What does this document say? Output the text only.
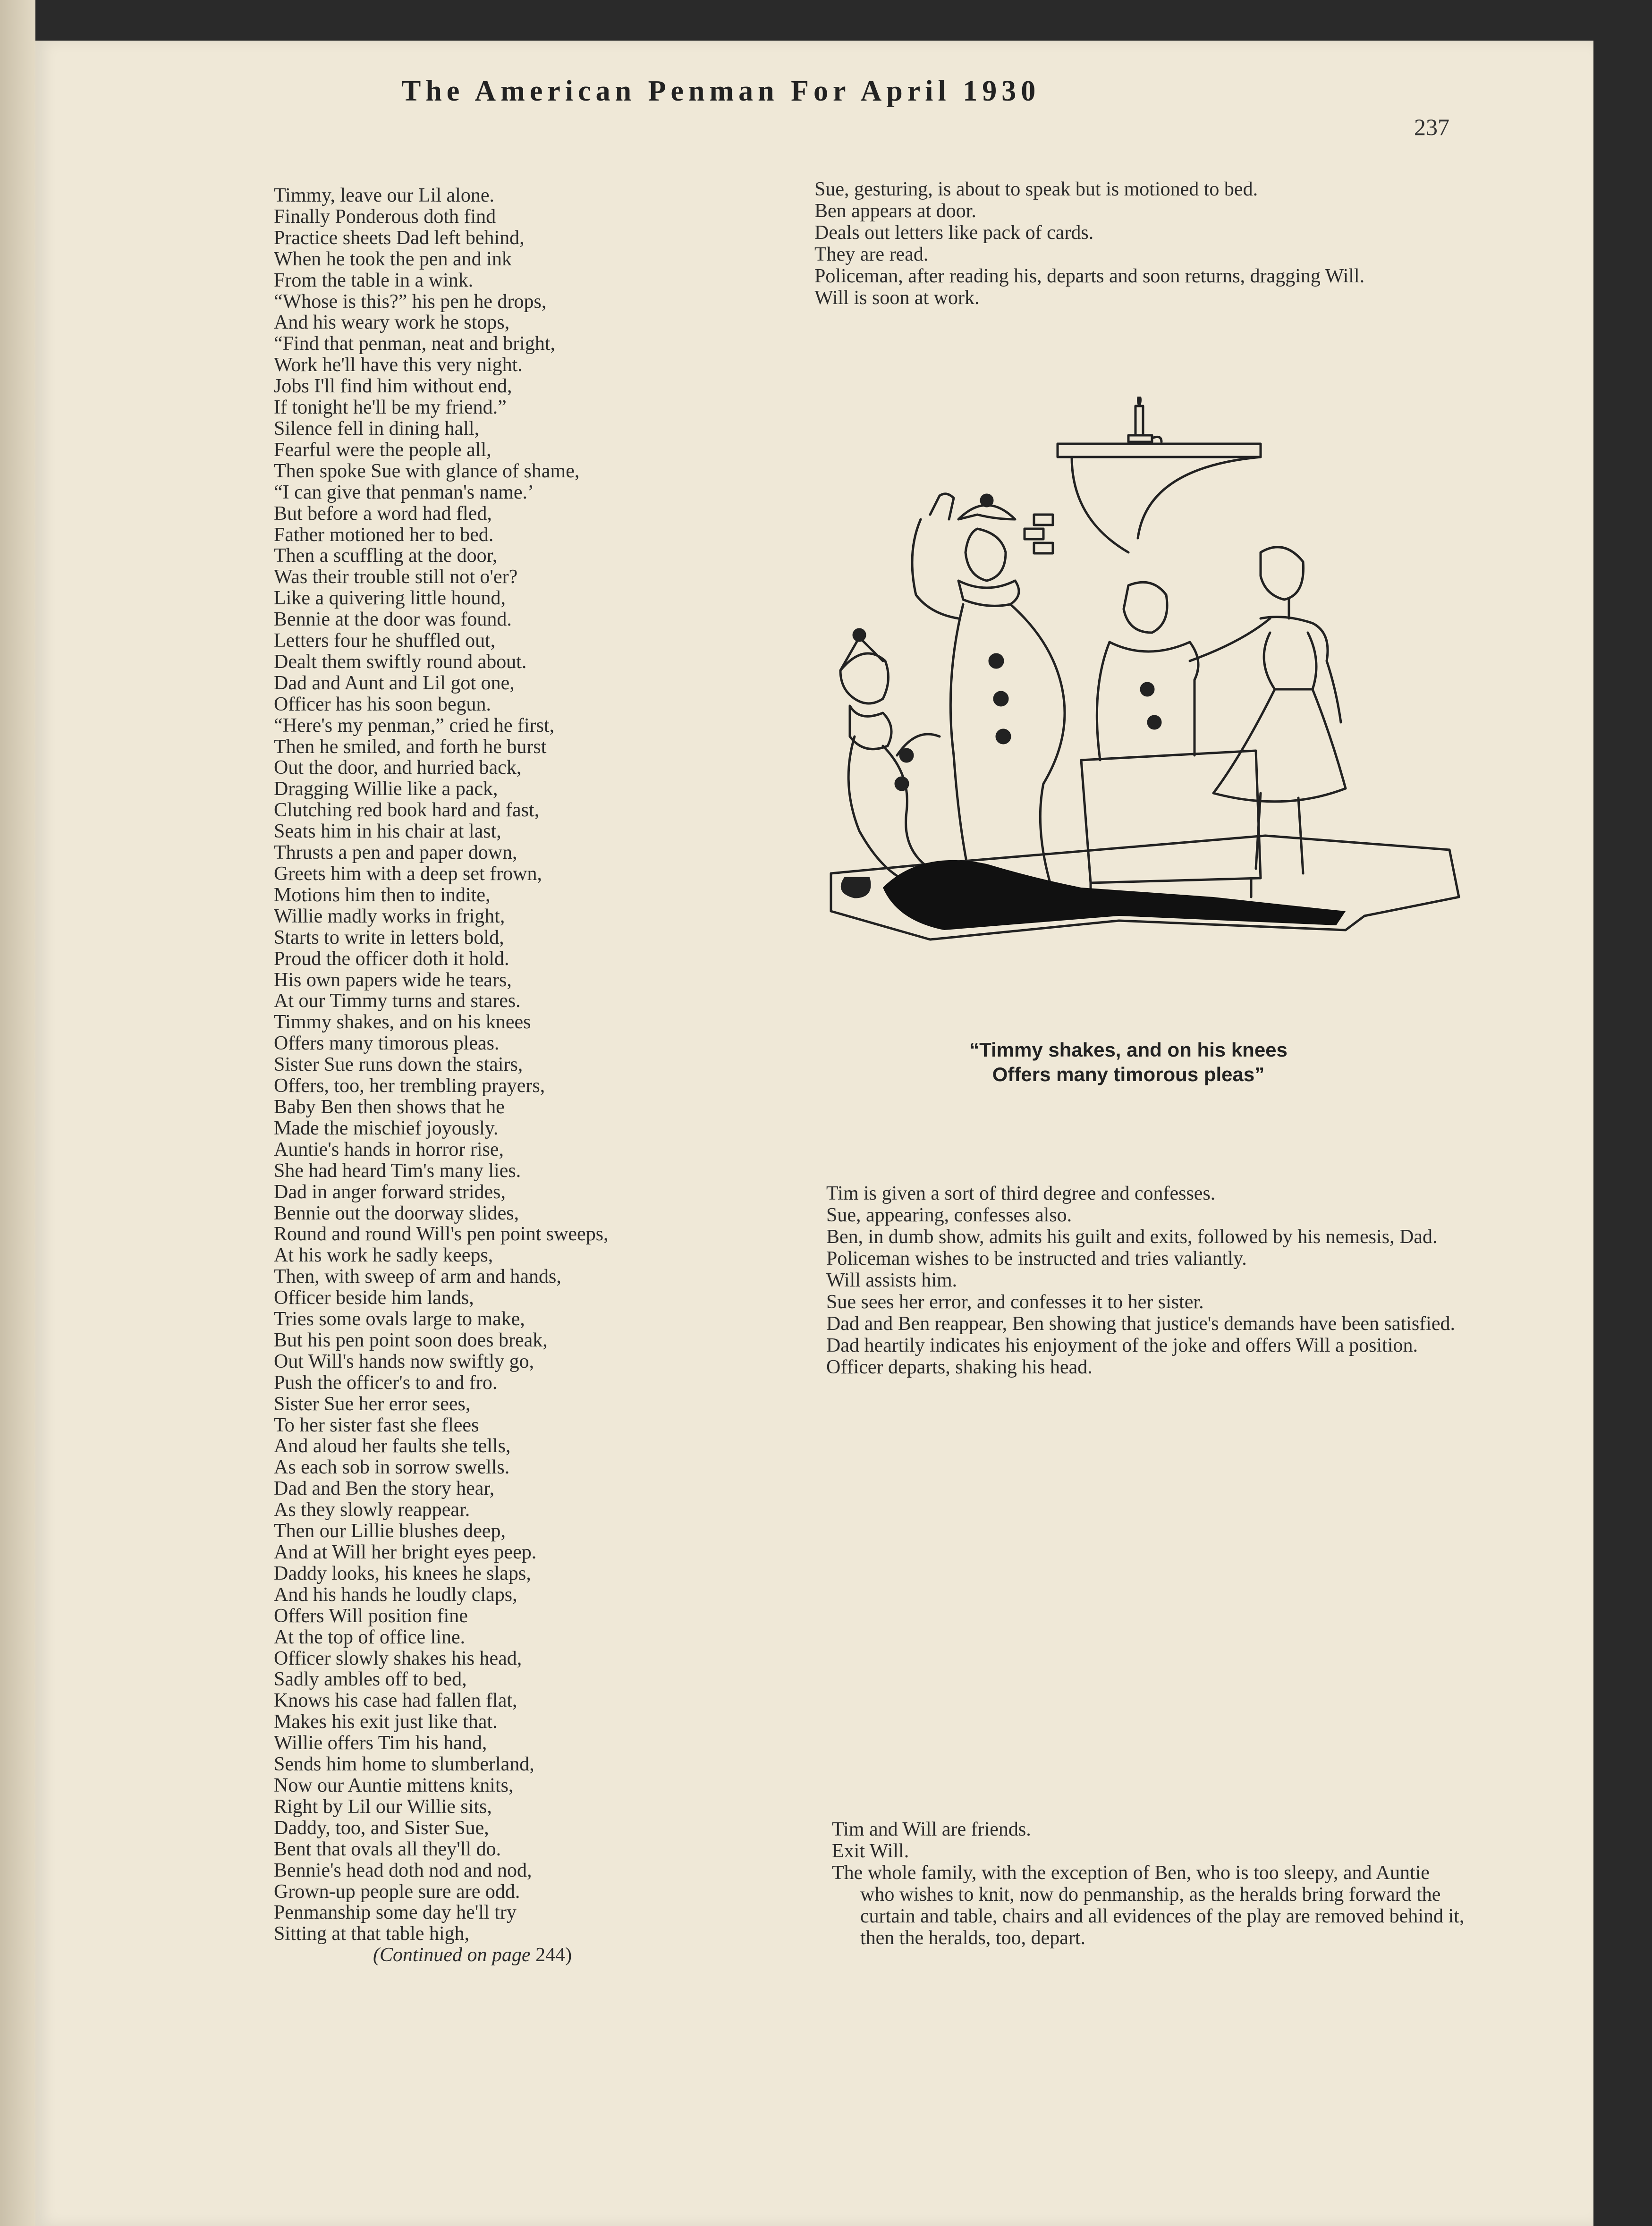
The American Penman For April 1930
237
Timmy, leave our Lil alone.
Finally Ponderous doth find
Practice sheets Dad left behind,
When he took the pen and ink
From the table in a wink.
“Whose is this?” his pen he drops,
And his weary work he stops,
“Find that penman, neat and bright,
Work he'll have this very night.
Jobs I'll find him without end,
If tonight he'll be my friend.”
Silence fell in dining hall,
Fearful were the people all,
Then spoke Sue with glance of shame,
“I can give that penman's name.’
But before a word had fled,
Father motioned her to bed.
Then a scuffling at the door,
Was their trouble still not o'er?
Like a quivering little hound,
Bennie at the door was found.
Letters four he shuffled out,
Dealt them swiftly round about.
Dad and Aunt and Lil got one,
Officer has his soon begun.
“Here's my penman,” cried he first,
Then he smiled, and forth he burst
Out the door, and hurried back,
Dragging Willie like a pack,
Clutching red book hard and fast,
Seats him in his chair at last,
Thrusts a pen and paper down,
Greets him with a deep set frown,
Motions him then to indite,
Willie madly works in fright,
Starts to write in letters bold,
Proud the officer doth it hold.
His own papers wide he tears,
At our Timmy turns and stares.
Timmy shakes, and on his knees
Offers many timorous pleas.
Sister Sue runs down the stairs,
Offers, too, her trembling prayers,
Baby Ben then shows that he
Made the mischief joyously.
Auntie's hands in horror rise,
She had heard Tim's many lies.
Dad in anger forward strides,
Bennie out the doorway slides,
Round and round Will's pen point sweeps,
At his work he sadly keeps,
Then, with sweep of arm and hands,
Officer beside him lands,
Tries some ovals large to make,
But his pen point soon does break,
Out Will's hands now swiftly go,
Push the officer's to and fro.
Sister Sue her error sees,
To her sister fast she flees
And aloud her faults she tells,
As each sob in sorrow swells.
Dad and Ben the story hear,
As they slowly reappear.
Then our Lillie blushes deep,
And at Will her bright eyes peep.
Daddy looks, his knees he slaps,
And his hands he loudly claps,
Offers Will position fine
At the top of office line.
Officer slowly shakes his head,
Sadly ambles off to bed,
Knows his case had fallen flat,
Makes his exit just like that.
Willie offers Tim his hand,
Sends him home to slumberland,
Now our Auntie mittens knits,
Right by Lil our Willie sits,
Daddy, too, and Sister Sue,
Bent that ovals all they'll do.
Bennie's head doth nod and nod,
Grown-up people sure are odd.
Penmanship some day he'll try
Sitting at that table high,
(Continued on page 244)
Sue, gesturing, is about to speak but is motioned to bed.
Ben appears at door.
Deals out letters like pack of cards.
They are read.
Policeman, after reading his, departs and soon returns, dragging Will.
Will is soon at work.
“Timmy shakes, and on his knees
Offers many timorous pleas”
Tim is given a sort of third degree and confesses.
Sue, appearing, confesses also.
Ben, in dumb show, admits his guilt and exits, followed by his nemesis, Dad.
Policeman wishes to be instructed and tries valiantly.
Will assists him.
Sue sees her error, and confesses it to her sister.
Dad and Ben reappear, Ben showing that justice's demands have been satisfied.
Dad heartily indicates his enjoyment of the joke and offers Will a position.
Officer departs, shaking his head.
Tim and Will are friends.
Exit Will.
The whole family, with the exception of Ben, who is too sleepy, and Auntie who wishes to knit, now do penmanship, as the heralds bring forward the curtain and table, chairs and all evidences of the play are removed behind it, then the heralds, too, depart.
